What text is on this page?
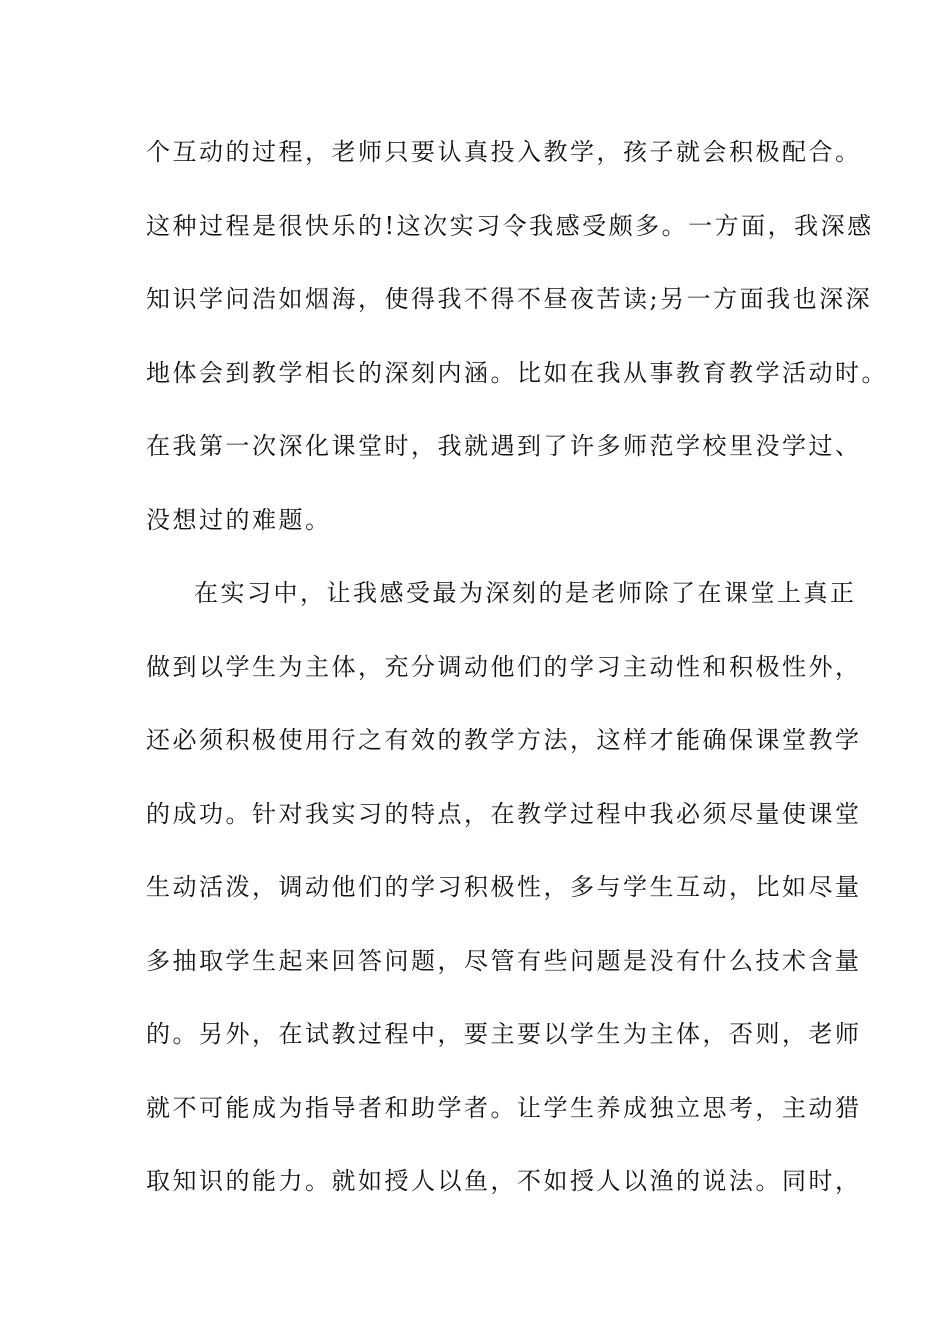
个互动的过程，老师只要认真投入教学，孩子就会积极配合。
这种过程是很快乐的!这次实习令我感受颇多。一方面，我深感
知识学问浩如烟海，使得我不得不昼夜苦读;另一方面我也深深
地体会到教学相长的深刻内涵。比如在我从事教育教学活动时。
在我第一次深化课堂时，我就遇到了许多师范学校里没学过、
没想过的难题。
在实习中，让我感受最为深刻的是老师除了在课堂上真正
做到以学生为主体，充分调动他们的学习主动性和积极性外，
还必须积极使用行之有效的教学方法，这样才能确保课堂教学
的成功。针对我实习的特点，在教学过程中我必须尽量使课堂
生动活泼，调动他们的学习积极性，多与学生互动，比如尽量
多抽取学生起来回答问题，尽管有些问题是没有什么技术含量
的。另外，在试教过程中，要主要以学生为主体，否则，老师
就不可能成为指导者和助学者。让学生养成独立思考，主动猎
取知识的能力。就如授人以鱼，不如授人以渔的说法。同时，
